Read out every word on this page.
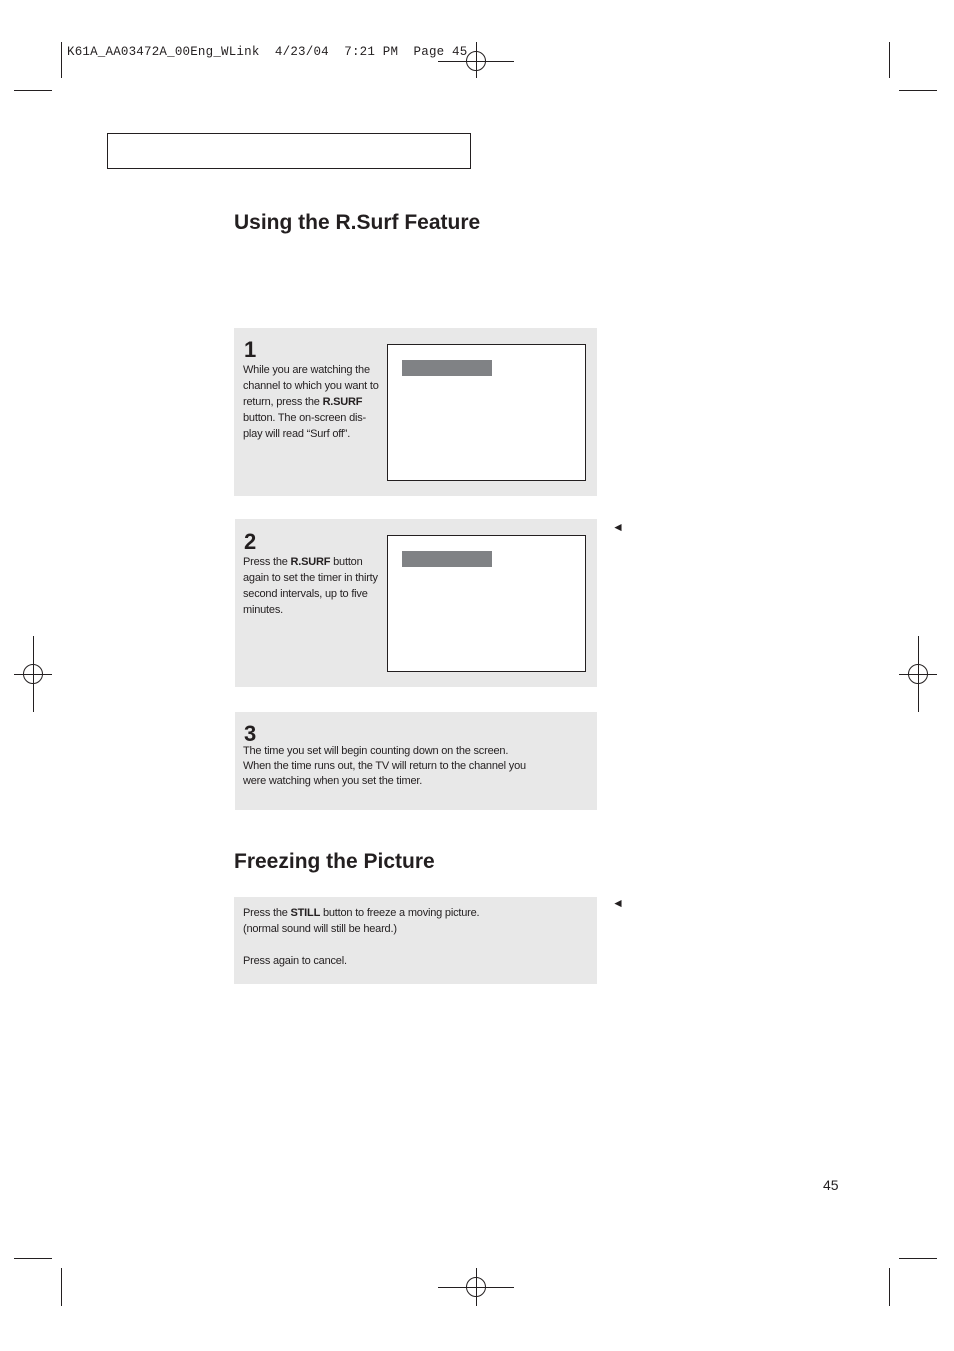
K61A_AA03472A_00Eng_WLink  4/23/04  7:21 PM  Page 45
Using the R.Surf Feature
1
While you are watching the channel to which you want to return, press the R.SURF button. The on-screen dis-play will read “Surf off”.
2
Press the R.SURF button again to set the timer in thirty second intervals, up to five minutes.
◄
3
The time you set will begin counting down on the screen.
When the time runs out, the TV will return to the channel you
were watching when you set the timer.
Freezing the Picture
Press the STILL button to freeze a moving picture.
(normal sound will still be heard.)
Press again to cancel.
◄
45
